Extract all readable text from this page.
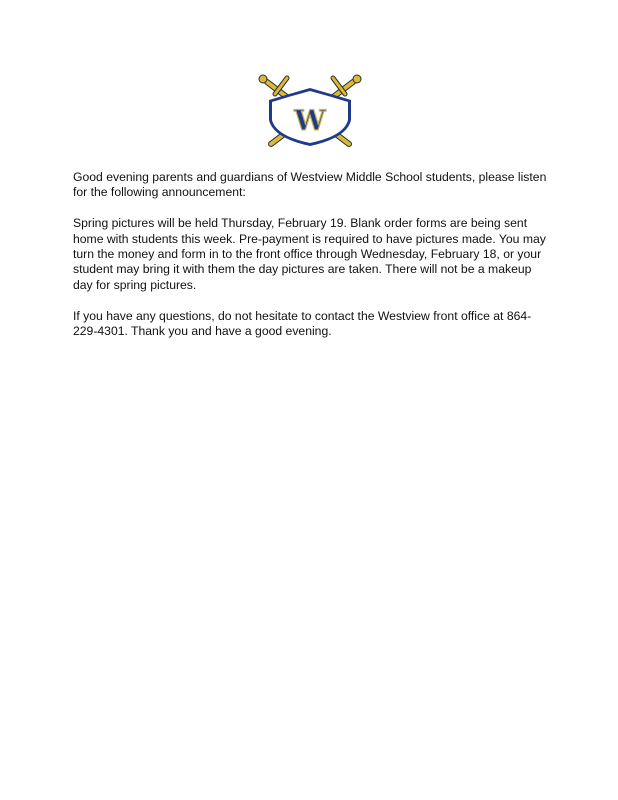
W

Good evening parents and guardians of Westview Middle School students, please listen for the following announcement:

Spring pictures will be held Thursday, February 19. Blank order forms are being sent home with students this week. Pre-payment is required to have pictures made. You may turn the money and form in to the front office through Wednesday, February 18, or your student may bring it with them the day pictures are taken. There will not be a makeup day for spring pictures.

If you have any questions, do not hesitate to contact the Westview front office at 864-229-4301. Thank you and have a good evening.
